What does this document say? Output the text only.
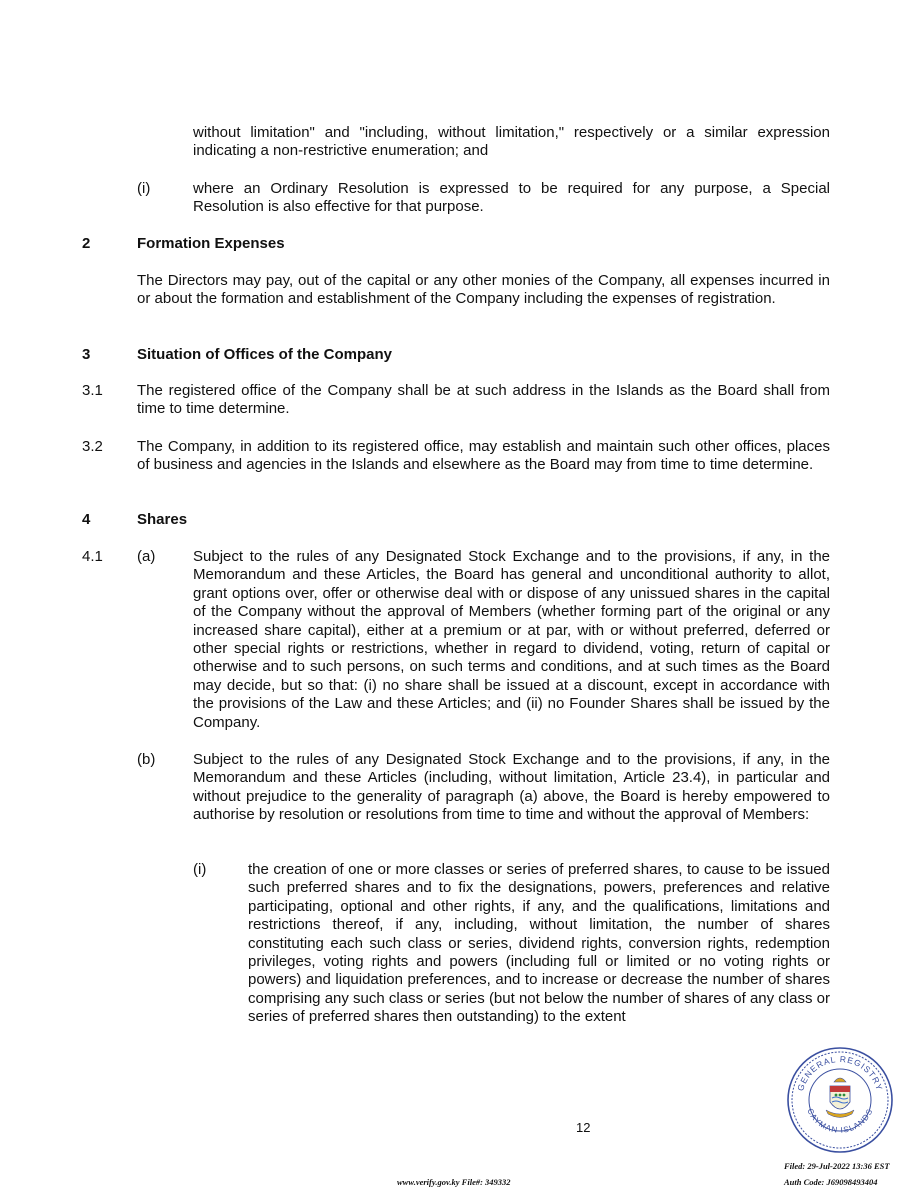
without limitation" and "including, without limitation," respectively or a similar expression indicating a non-restrictive enumeration; and
(i)	where an Ordinary Resolution is expressed to be required for any purpose, a Special Resolution is also effective for that purpose.
2	Formation Expenses
The Directors may pay, out of the capital or any other monies of the Company, all expenses incurred in or about the formation and establishment of the Company including the expenses of registration.
3	Situation of Offices of the Company
3.1 The registered office of the Company shall be at such address in the Islands as the Board shall from time to time determine.
3.2 The Company, in addition to its registered office, may establish and maintain such other offices, places of business and agencies in the Islands and elsewhere as the Board may from time to time determine.
4	Shares
4.1 (a)	Subject to the rules of any Designated Stock Exchange and to the provisions, if any, in the Memorandum and these Articles, the Board has general and unconditional authority to allot, grant options over, offer or otherwise deal with or dispose of any unissued shares in the capital of the Company without the approval of Members (whether forming part of the original or any increased share capital), either at a premium or at par, with or without preferred, deferred or other special rights or restrictions, whether in regard to dividend, voting, return of capital or otherwise and to such persons, on such terms and conditions, and at such times as the Board may decide, but so that: (i) no share shall be issued at a discount, except in accordance with the provisions of the Law and these Articles; and (ii) no Founder Shares shall be issued by the Company.
(b)	Subject to the rules of any Designated Stock Exchange and to the provisions, if any, in the Memorandum and these Articles (including, without limitation, Article 23.4), in particular and without prejudice to the generality of paragraph (a) above, the Board is hereby empowered to authorise by resolution or resolutions from time to time and without the approval of Members:
(i)	the creation of one or more classes or series of preferred shares, to cause to be issued such preferred shares and to fix the designations, powers, preferences and relative participating, optional and other rights, if any, and the qualifications, limitations and restrictions thereof, if any, including, without limitation, the number of shares constituting each such class or series, dividend rights, conversion rights, redemption privileges, voting rights and powers (including full or limited or no voting rights or powers) and liquidation preferences, and to increase or decrease the number of shares comprising any such class or series (but not below the number of shares of any class or series of preferred shares then outstanding) to the extent
12
GENERAL REGISTRY
CAYMAN ISLANDS
www.verify.gov.ky File#: 349332
Filed: 29-Jul-2022 13:36 EST
Auth Code: J69098493404
